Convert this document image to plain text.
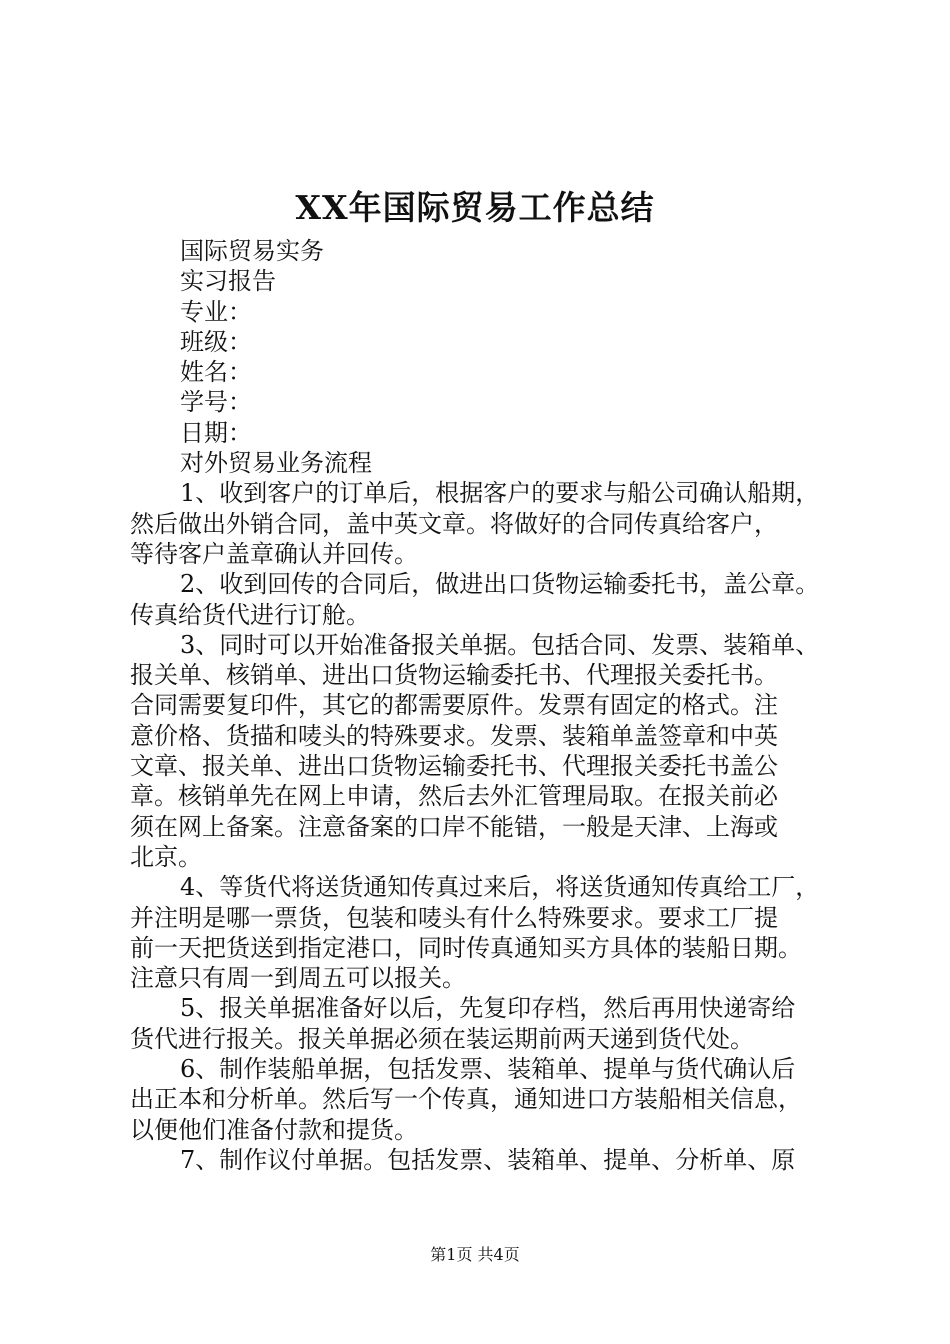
XX年国际贸易工作总结
国际贸易实务
实习报告
专业：
班级：
姓名：
学号：
日期：
对外贸易业务流程
1、收到客户的订单后，根据客户的要求与船公司确认船期，
然后做出外销合同，盖中英文章。将做好的合同传真给客户，
等待客户盖章确认并回传。
2、收到回传的合同后，做进出口货物运输委托书，盖公章。
传真给货代进行订舱。
3、同时可以开始准备报关单据。包括合同、发票、装箱单、
报关单、核销单、进出口货物运输委托书、代理报关委托书。
合同需要复印件，其它的都需要原件。发票有固定的格式。注
意价格、货描和唛头的特殊要求。发票、装箱单盖签章和中英
文章、报关单、进出口货物运输委托书、代理报关委托书盖公
章。核销单先在网上申请，然后去外汇管理局取。在报关前必
须在网上备案。注意备案的口岸不能错，一般是天津、上海或
北京。
4、等货代将送货通知传真过来后，将送货通知传真给工厂，
并注明是哪一票货，包装和唛头有什么特殊要求。要求工厂提
前一天把货送到指定港口，同时传真通知买方具体的装船日期。
注意只有周一到周五可以报关。
5、报关单据准备好以后，先复印存档，然后再用快递寄给
货代进行报关。报关单据必须在装运期前两天递到货代处。
6、制作装船单据，包括发票、装箱单、提单与货代确认后
出正本和分析单。然后写一个传真，通知进口方装船相关信息，
以便他们准备付款和提货。
7、制作议付单据。包括发票、装箱单、提单、分析单、原
第1页 共4页
